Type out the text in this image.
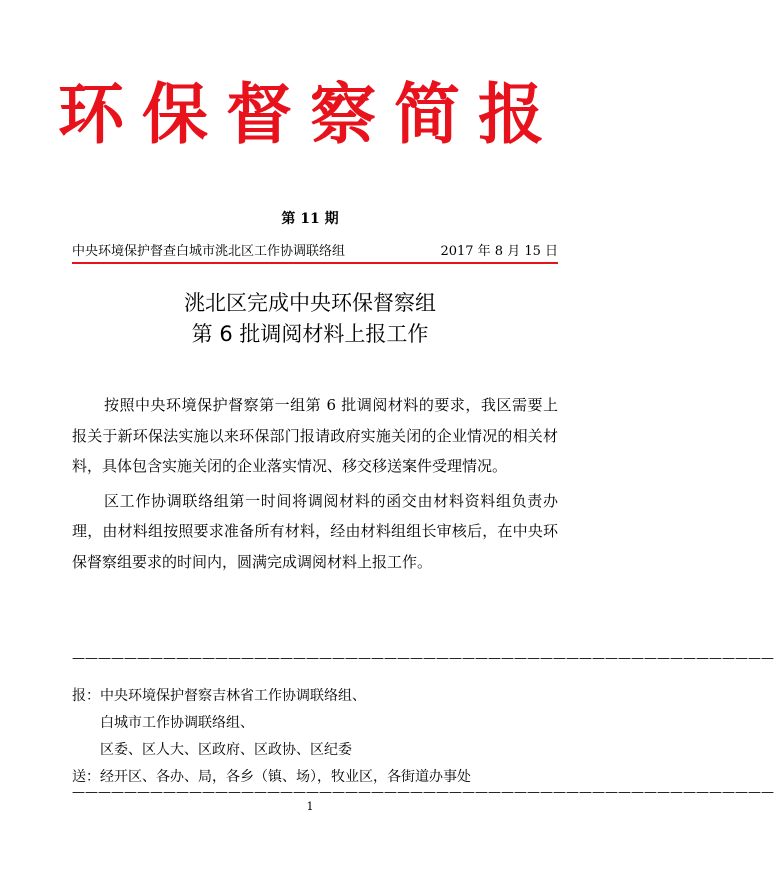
环保督察简报
第 11 期
中央环境保护督查白城市洮北区工作协调联络组	2017 年 8 月 15 日
洮北区完成中央环保督察组
第 6 批调阅材料上报工作

按照中央环境保护督察第一组第 6 批调阅材料的要求，我区需要上报关于新环保法实施以来环保部门报请政府实施关闭的企业情况的相关材料，具体包含实施关闭的企业落实情况、移交移送案件受理情况。

区工作协调联络组第一时间将调阅材料的函交由材料资料组负责办理，由材料组按照要求准备所有材料，经由材料组组长审核后，在中央环保督察组要求的时间内，圆满完成调阅材料上报工作。

——————————————————————————————————————————————————————
报：中央环境保护督察吉林省工作协调联络组、
白城市工作协调联络组、
区委、区人大、区政府、区政协、区纪委
送：经开区、各办、局，各乡（镇、场），牧业区，各街道办事处
——————————————————————————————————————————————————————
1
